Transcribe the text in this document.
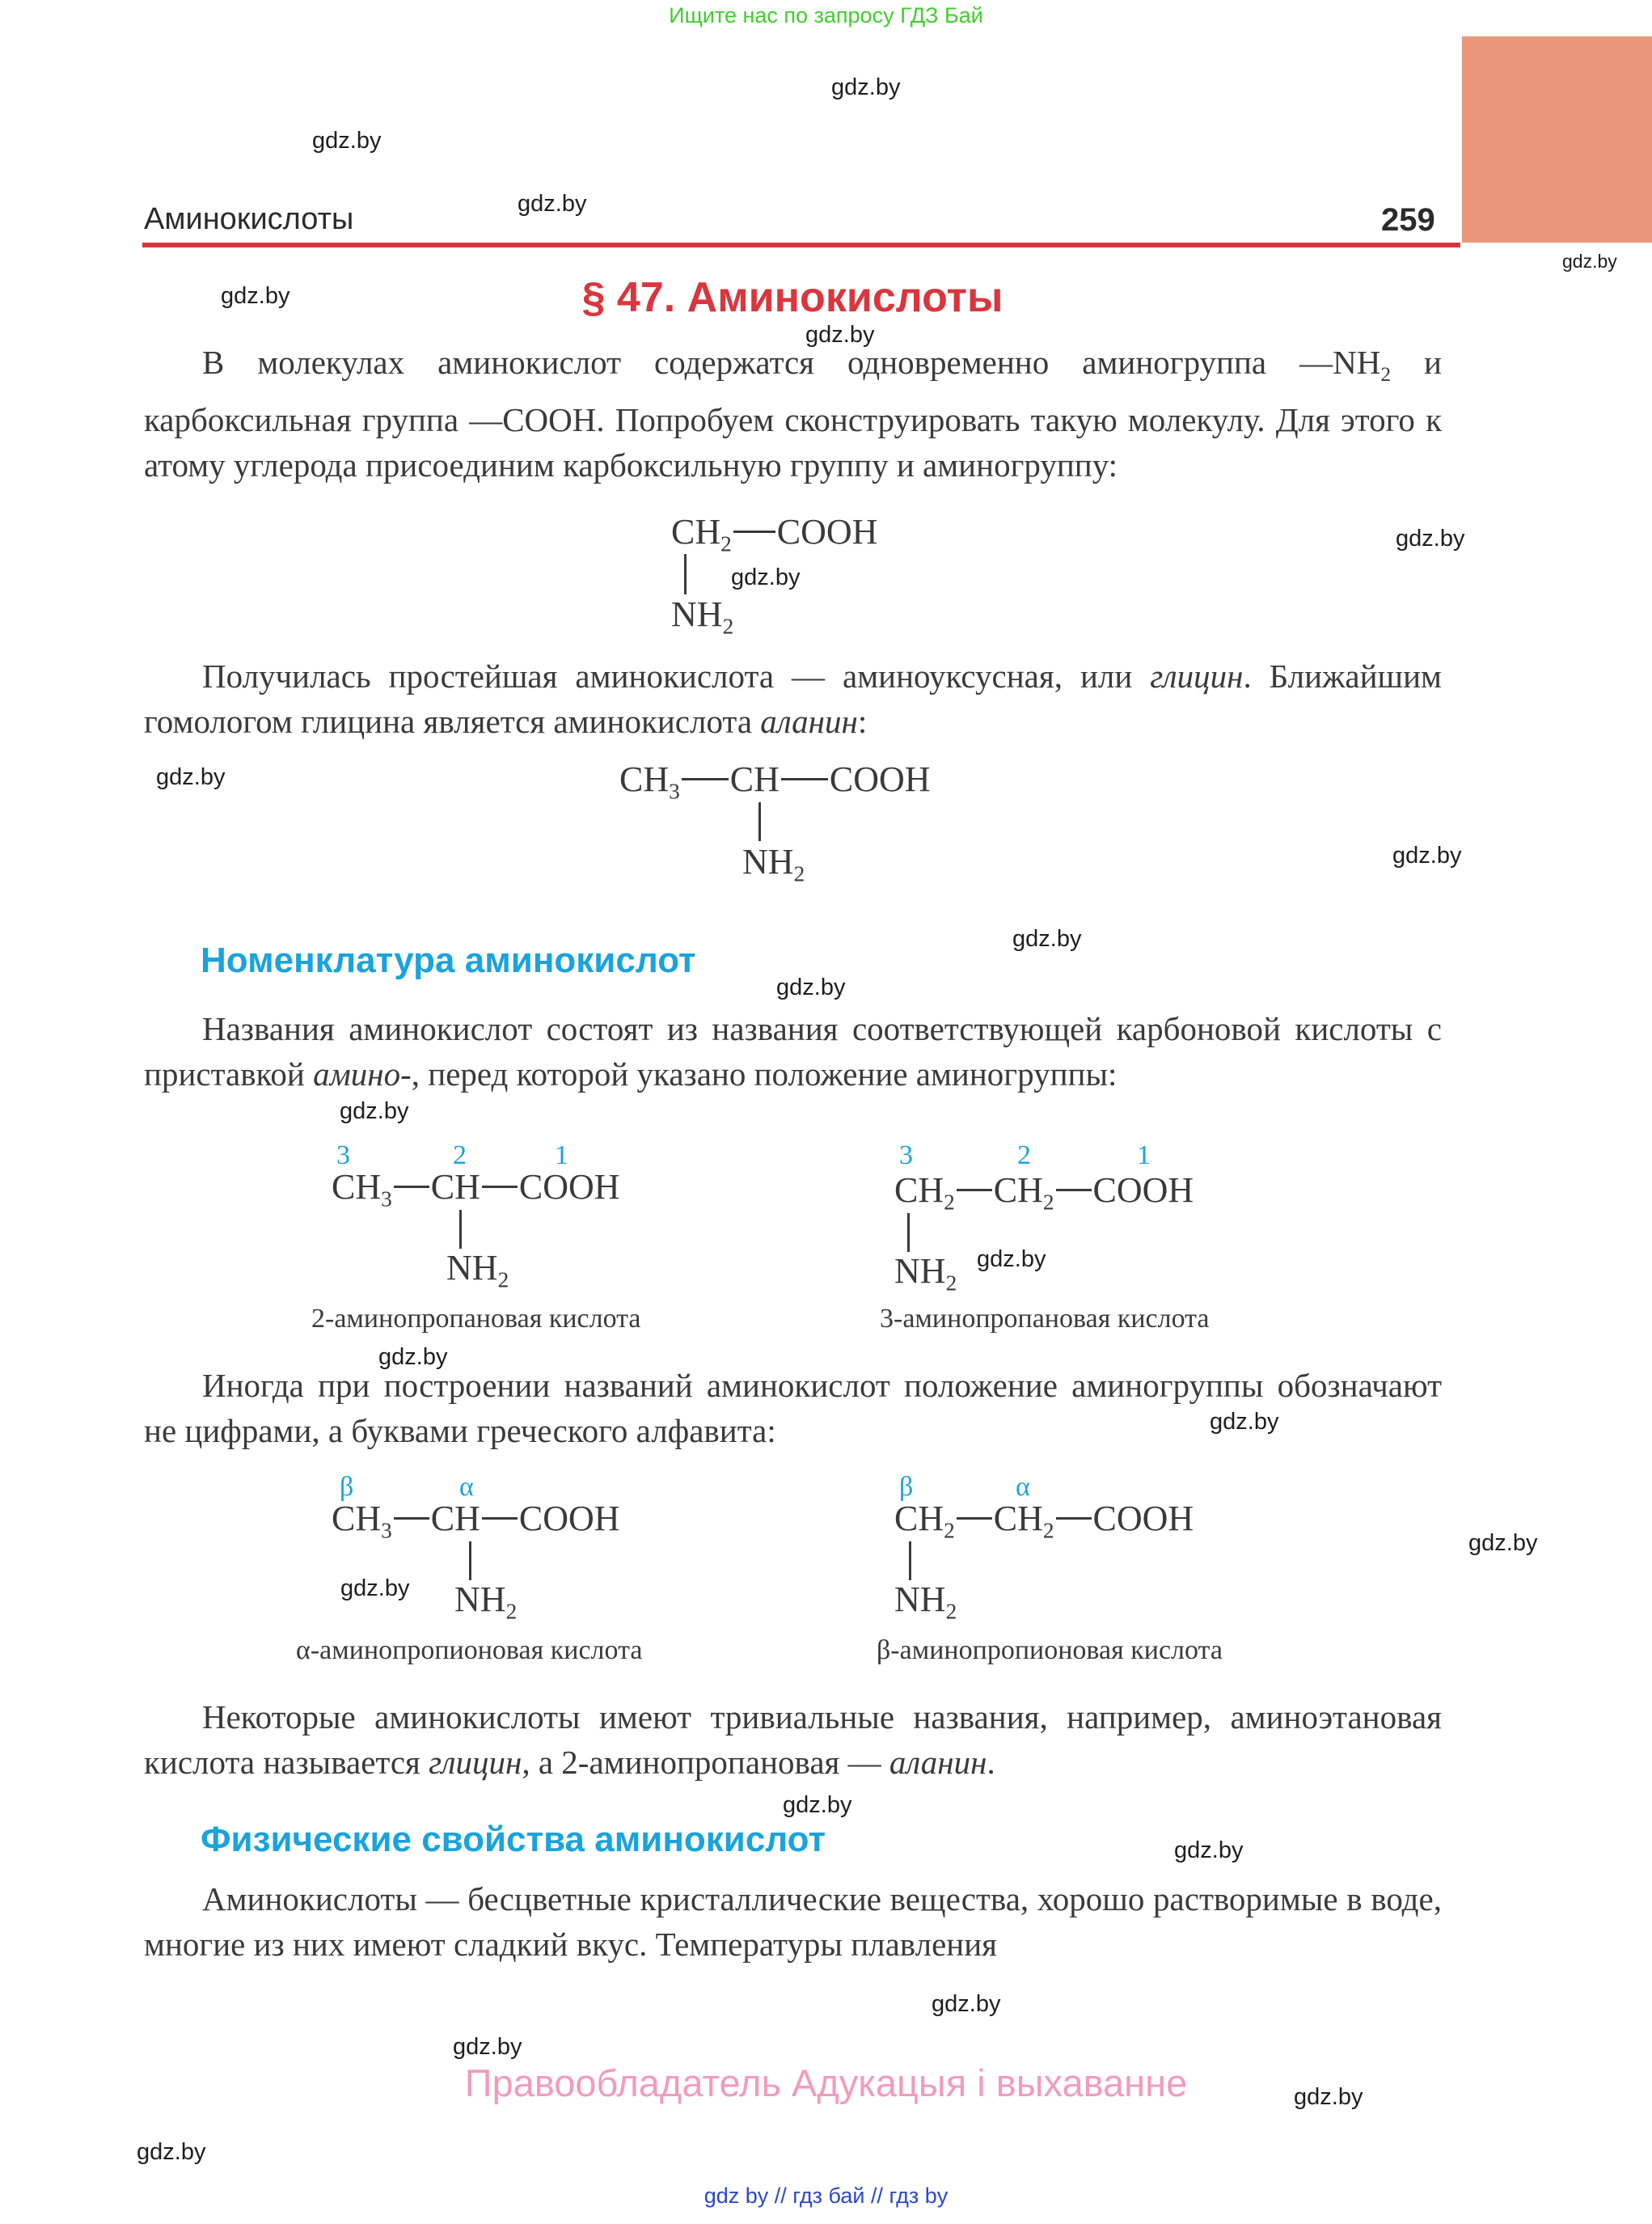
Ищите нас по запросу ГДЗ Бай
Аминокислоты	259
§ 47. Аминокислоты
В молекулах аминокислот содержатся одновременно аминогруппа $—NH_2$ и карбоксильная группа —COOH. Попробуем сконструировать такую молекулу. Для этого к атому углерода присоединим карбоксильную группу и аминогруппу:
$CH_2$ COOH
$NH_2$
Получилась простейшая аминокислота — аминоуксусная, или глицин. Ближайшим гомологом глицина является аминокислота аланин:
$CH_3$ CH COOH
$NH_2$
Номенклатура аминокислот
Названия аминокислот состоят из названия соответствующей карбоновой кислоты с приставкой амино-, перед которой указано положение аминогруппы:
3	2	1
$CH_3$ CH COOH
$NH_2$
2-аминопропановая кислота
3	2	1
$CH_2$ $CH_2$ COOH
$NH_2$
3-аминопропановая кислота
Иногда при построении названий аминокислот положение аминогруппы обозначают не цифрами, а буквами греческого алфавита:
β	α
$CH_3$ CH COOH
$NH_2$
α-аминопропионовая кислота
β	α
$CH_2$ $CH_2$ COOH
$NH_2$
β-аминопропионовая кислота
Некоторые аминокислоты имеют тривиальные названия, например, аминоэтановая кислота называется глицин, а 2-аминопропановая — аланин.
Физические свойства аминокислот
Аминокислоты — бесцветные кристаллические вещества, хорошо растворимые в воде, многие из них имеют сладкий вкус. Температуры плавления
gdz.by
gdz.by
gdz.by
gdz.by
gdz.by
gdz.by
gdz.by
gdz.by
gdz.by
gdz.by
gdz.by
gdz.by
gdz.by
gdz.by
gdz.by
gdz.by
gdz.by
gdz.by
gdz.by
gdz.by
gdz.by
gdz.by
gdz.by
gdz.by
Правообладатель Адукацыя і выхаванне
gdz by // гдз бай // гдз by
